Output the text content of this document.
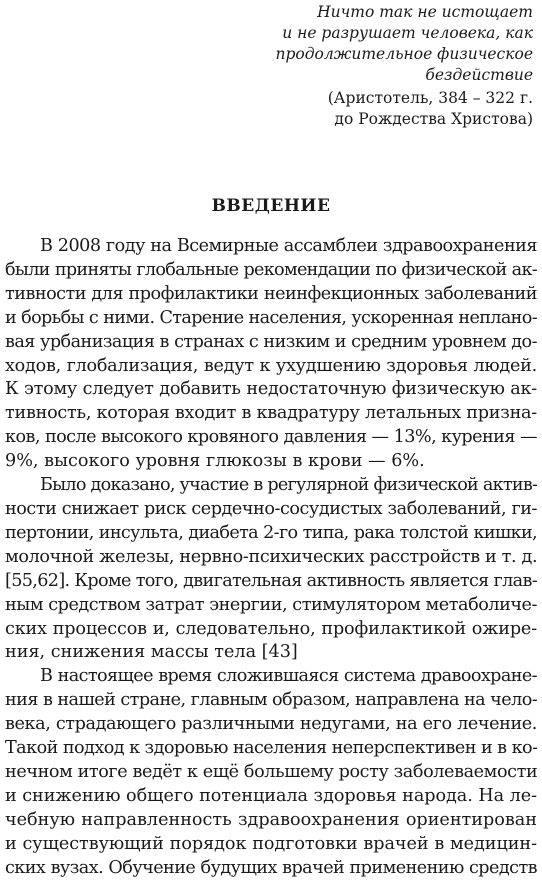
Ничто так не истощает
и не разрушает человека, как
продолжительное физическое
бездействие
(Аристотель, 384 – 322 г.
до Рождества Христова)
ВВЕДЕНИЕ
В 2008 году на Всемирные ассамблеи здравоохранения
были приняты глобальные рекомендации по физической ак-
тивности для профилактики неинфекционных заболеваний
и борьбы с ними. Старение населения, ускоренная неплано-
вая урбанизация в странах с низким и средним уровнем до-
ходов, глобализация, ведут к ухудшению здоровья людей.
К этому следует добавить недостаточную физическую ак-
тивность, которая входит в квадратуру летальных призна-
ков, после высокого кровяного давления — 13%, курения —
9%, высокого уровня глюкозы в крови — 6%.
Было доказано, участие в регулярной физической актив-
ности снижает риск сердечно-сосудистых заболеваний, ги-
пертонии, инсульта, диабета 2-го типа, рака толстой кишки,
молочной железы, нервно-психических расстройств и т. д.
[55,62]. Кроме того, двигательная активность является глав-
ным средством затрат энергии, стимулятором метаболиче-
ских процессов и, следовательно, профилактикой ожире-
ния, снижения массы тела [43]
В настоящее время сложившаяся система дравоохране-
ния в нашей стране, главным образом, направлена на чело-
века, страдающего различными недугами, на его лечение.
Такой подход к здоровью населения неперспективен и в ко-
нечном итоге ведёт к ещё большему росту заболеваемости
и снижению общего потенциала здоровья народа. На ле-
чебную направленность здравоохранения ориентирован
и существующий порядок подготовки врачей в медицин-
ских вузах. Обучение будущих врачей применению средств
